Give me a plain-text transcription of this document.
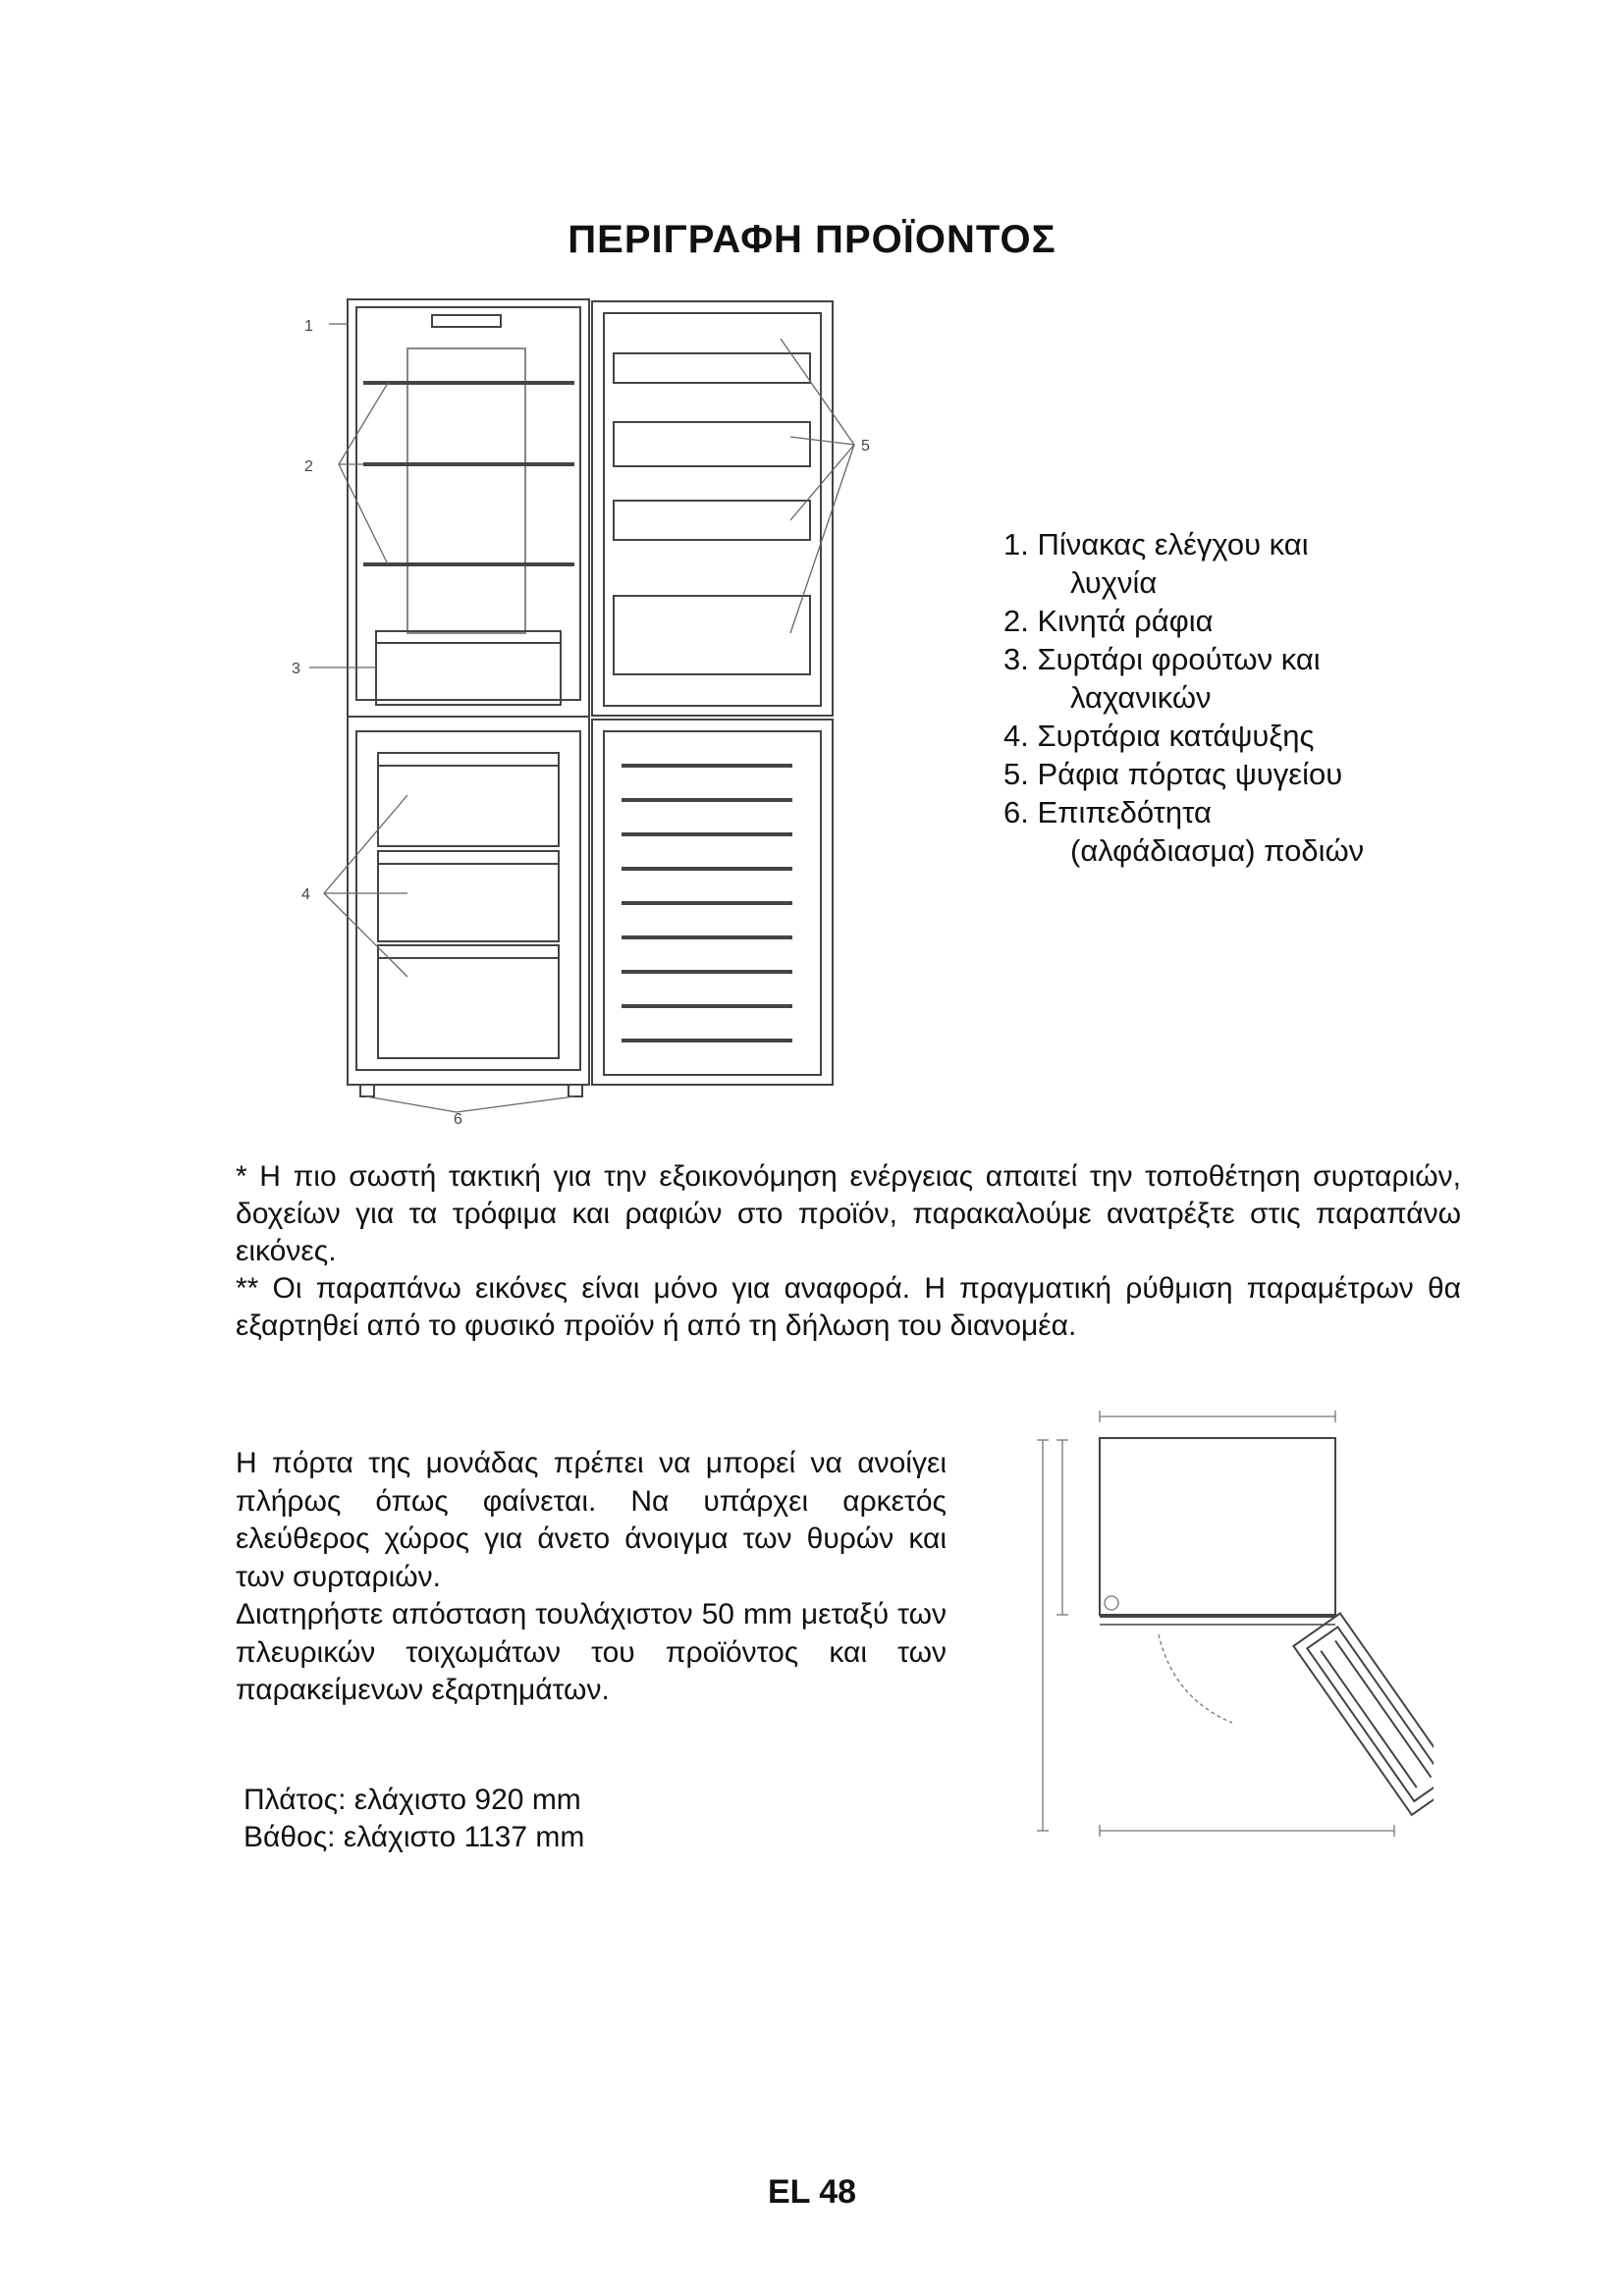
ΠΕΡΙΓΡΑΦΗ ΠΡΟΪΟΝΤΟΣ
1
2
3
4
5
6

1. Πίνακας ελέγχου και
λυχνία

2. Κινητά ράφια

3. Συρτάρι φρούτων και
λαχανικών

4. Συρτάρια κατάψυξης

5. Ράφια πόρτας ψυγείου

6. Επιπεδότητα
(αλφάδιασμα) ποδιών

* Η πιο σωστή τακτική για την εξοικονόμηση ενέργειας απαιτεί την τοποθέτηση συρταριών, δοχείων για τα τρόφιμα και ραφιών στο προϊόν, παρακαλούμε ανατρέξτε στις παραπάνω εικόνες.

** Οι παραπάνω εικόνες είναι μόνο για αναφορά. Η πραγματική ρύθμιση παραμέτρων θα εξαρτηθεί από το φυσικό προϊόν ή από τη δήλωση του διανομέα.

Η πόρτα της μονάδας πρέπει να μπορεί να ανοίγει πλήρως όπως φαίνεται. Να υπάρχει αρκετός ελεύθερος χώρος για άνετο άνοιγμα των θυρών και των συρταριών.

Διατηρήστε απόσταση τουλάχιστον 50 mm μεταξύ των πλευρικών τοιχωμάτων του προϊόντος και των παρακείμενων εξαρτημάτων.

Πλάτος: ελάχιστο 920 mm

Βάθος: ελάχιστο 1137 mm

EL 48
